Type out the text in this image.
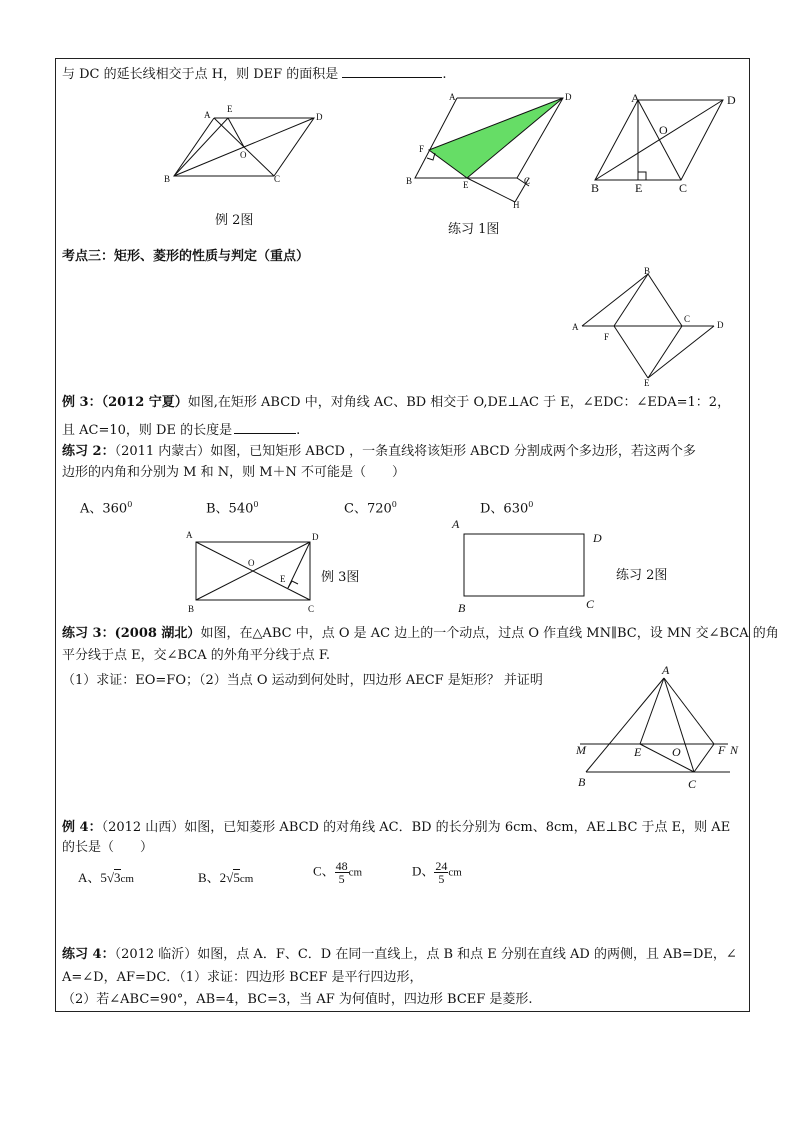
与 DC 的延长线相交于点 H，则 DEF 的面积是	.
A
E
D
B
O
C
例 2图
A	D
F
B	E	C
H
练习 1图
A	D
O
B	E	C
考点三：矩形、菱形的性质与判定（重点）
B
A
F
C
D
E
例 3：（2012 宁夏）如图,在矩形 ABCD 中，对角线 AC、BD 相交于 O,DE⊥AC 于 E，∠EDC：∠EDA=1：2，
且 AC=10，则 DE 的长度是	.
练习 2：（2011 内蒙古）如图，已知矩形 ABCD ，一条直线将该矩形 ABCD 分割成两个多边形，若这两个多
边形的内角和分别为 M 和 N，则 M＋N 不可能是（　　）
A、$360^0$	B、$540^0$	C、$720^0$	D、$630^0$
A	D
O
E
B	C
例 3图
A
D
B	C
练习 2图
练习 3：(2008 湖北）如图，在△ABC 中，点 O 是 AC 边上的一个动点，过点 O 作直线 MN∥BC，设 MN 交∠BCA 的角
平分线于点 E，交∠BCA 的外角平分线于点 F.
（1）求证：EO=FO；（2）当点 O 运动到何处时，四边形 AECF 是矩形？ 并证明
A
M	E	O	F N
B	C
例 4：（2012 山西）如图，已知菱形 ABCD 的对角线 AC．BD 的长分别为 6cm、8cm，AE⊥BC 于点 E，则 AE
的长是（　　）
A、5√3cm	B、2√5cm
C、 $\frac{48}{5}$ cm	D、 $\frac{24}{5}$ cm
练习 4：（2012 临沂）如图，点 A．F、C．D 在同一直线上，点 B 和点 E 分别在直线 AD 的两侧，且 AB=DE，∠
A=∠D，AF=DC．（1）求证：四边形 BCEF 是平行四边形，
（2）若∠ABC=90°，AB=4，BC=3，当 AF 为何值时，四边形 BCEF 是菱形.
